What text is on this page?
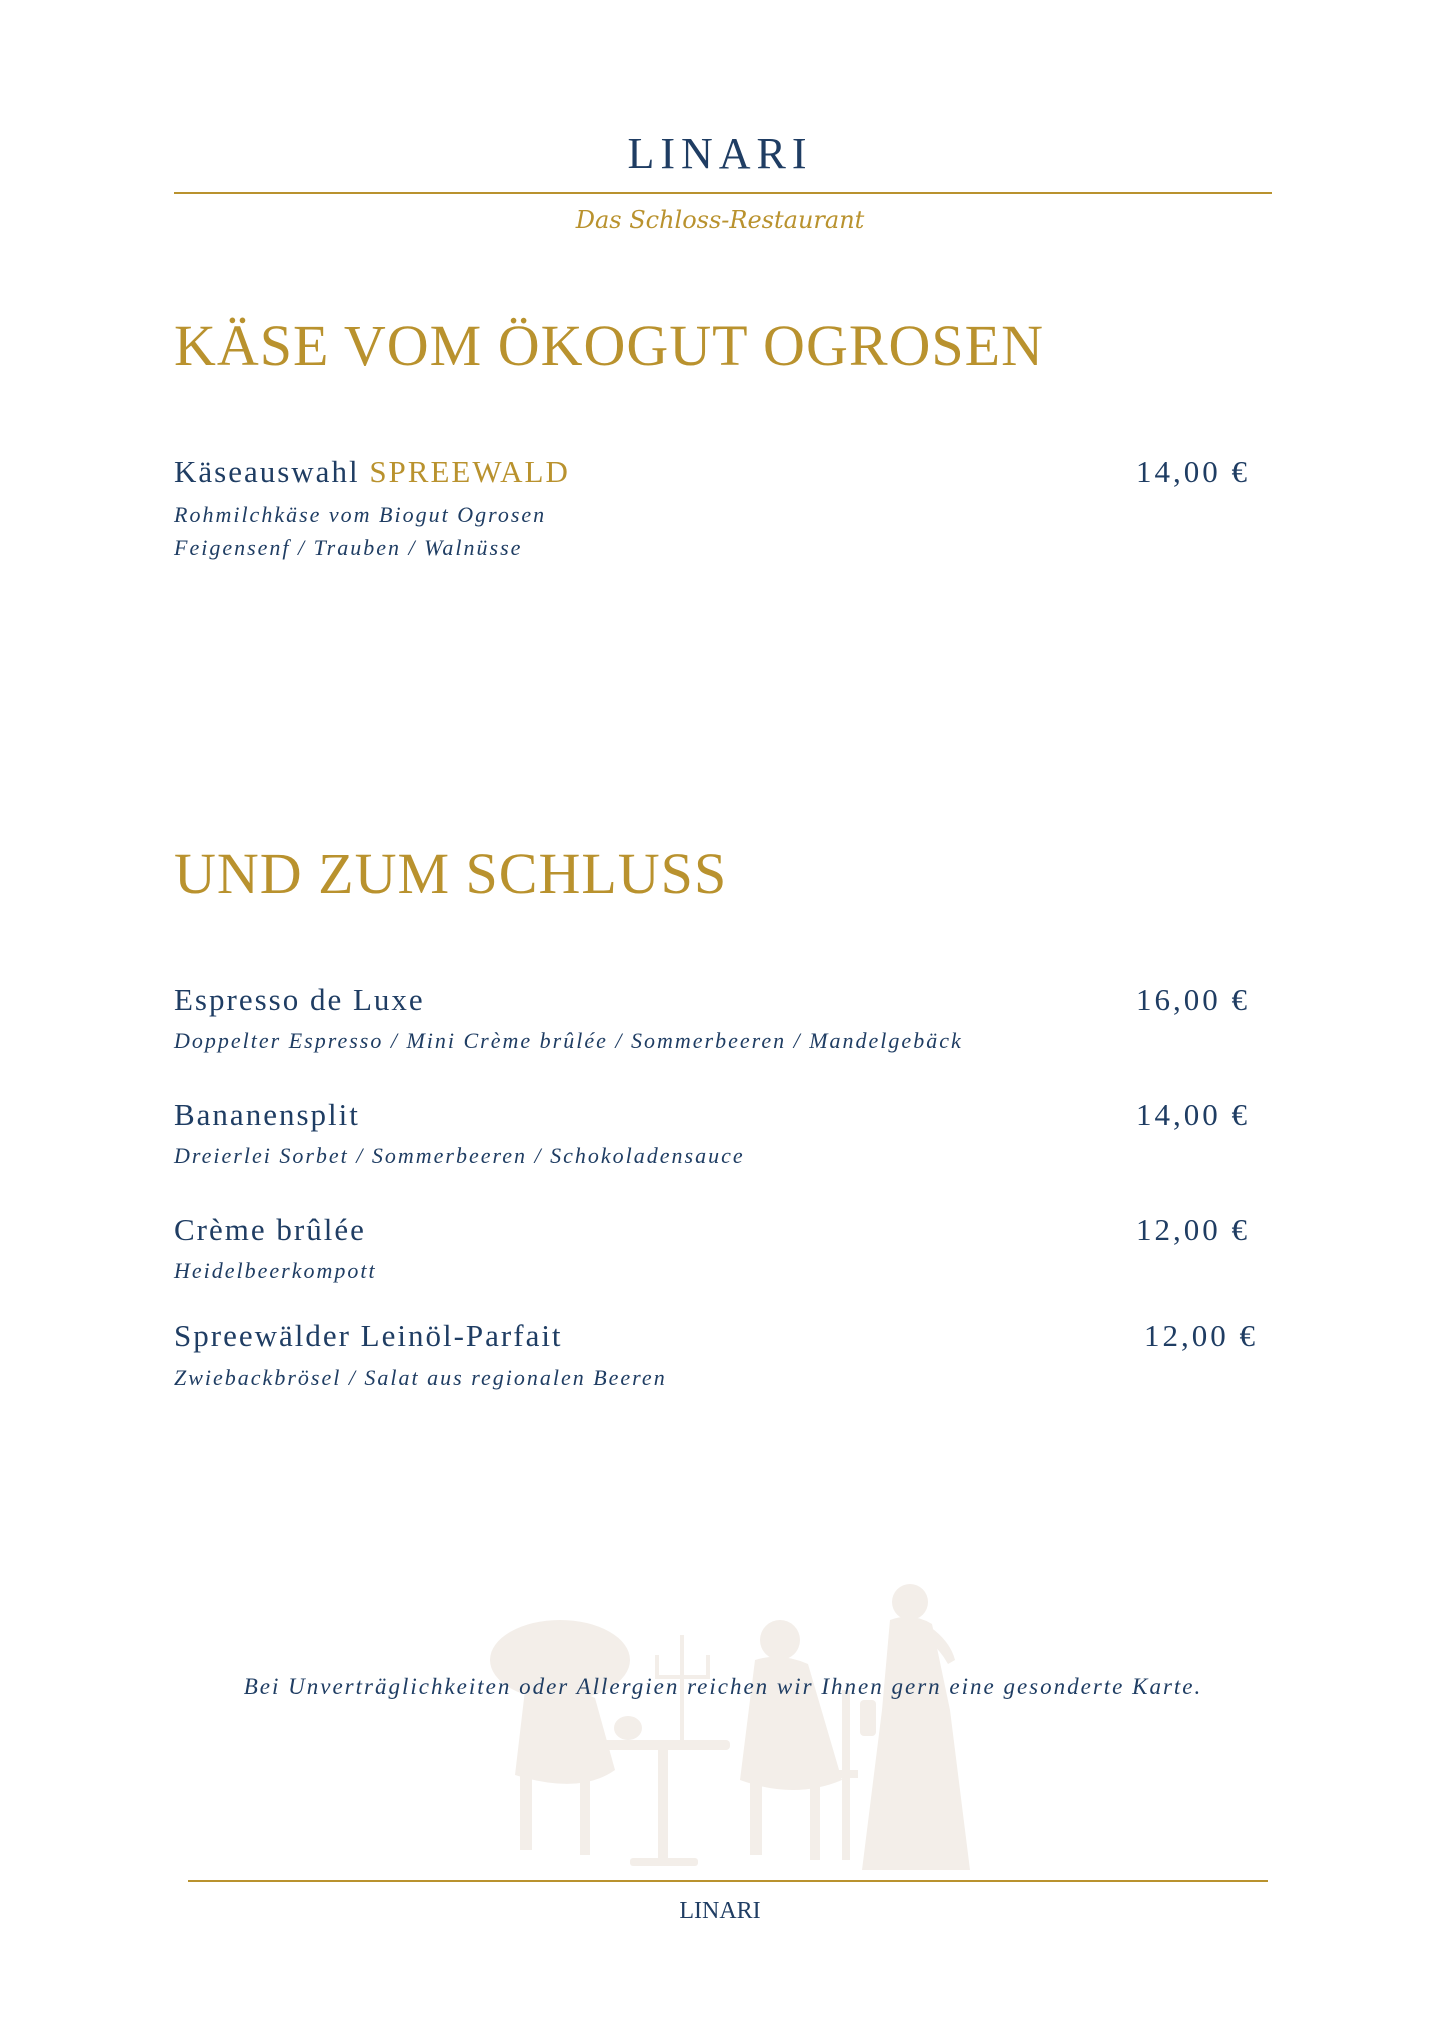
LINARI
Das Schloss-Restaurant
KÄSE VOM ÖKOGUT OGROSEN
Käseauswahl SPREEWALD	14,00 €
Rohmilchkäse vom Biogut Ogrosen
Feigensenf / Trauben / Walnüsse
UND ZUM SCHLUSS
Espresso de Luxe	16,00 €
Doppelter Espresso / Mini Crème brûlée / Sommerbeeren / Mandelgebäck
Bananensplit	14,00 €
Dreierlei Sorbet / Sommerbeeren / Schokoladensauce
Crème brûlée	12,00 €
Heidelbeerkompott
Spreewälder Leinöl-Parfait	12,00 €
Zwiebackbrösel / Salat aus regionalen Beeren
Bei Unverträglichkeiten oder Allergien reichen wir Ihnen gern eine gesonderte Karte.
LINARI
